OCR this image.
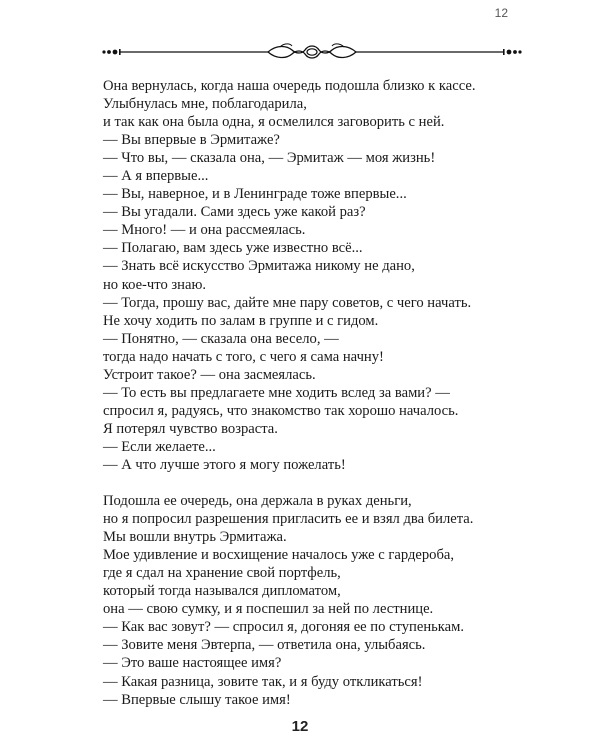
12
Она вернулась, когда наша очередь подошла близко к кассе.
Улыбнулась мне, поблагодарила,
и так как она была одна, я осмелился заговорить с ней.
— Вы впервые в Эрмитаже?
— Что вы, — сказала она, — Эрмитаж — моя жизнь!
— А я впервые...
— Вы, наверное, и в Ленинграде тоже впервые...
— Вы угадали. Сами здесь уже какой раз?
— Много! — и она рассмеялась.
— Полагаю, вам здесь уже известно всё...
— Знать всё искусство Эрмитажа никому не дано,
но кое-что знаю.
— Тогда, прошу вас, дайте мне пару советов, с чего начать.
Не хочу ходить по залам в группе и с гидом.
— Понятно, — сказала она весело, —
тогда надо начать с того, с чего я сама начну!
Устроит такое? — она засмеялась.
— То есть вы предлагаете мне ходить вслед за вами? —
спросил я, радуясь, что знакомство так хорошо началось.
Я потерял чувство возраста.
— Если желаете...
— А что лучше этого я могу пожелать!
Подошла ее очередь, она держала в руках деньги,
но я попросил разрешения пригласить ее и взял два билета.
Мы вошли внутрь Эрмитажа.
Мое удивление и восхищение началось уже с гардероба,
где я сдал на хранение свой портфель,
который тогда назывался дипломатом,
она — свою сумку, и я поспешил за ней по лестнице.
— Как вас зовут? — спросил я, догоняя ее по ступенькам.
— Зовите меня Эвтерпа, — ответила она, улыбаясь.
— Это ваше настоящее имя?
— Какая разница, зовите так, и я буду откликаться!
— Впервые слышу такое имя!
12
